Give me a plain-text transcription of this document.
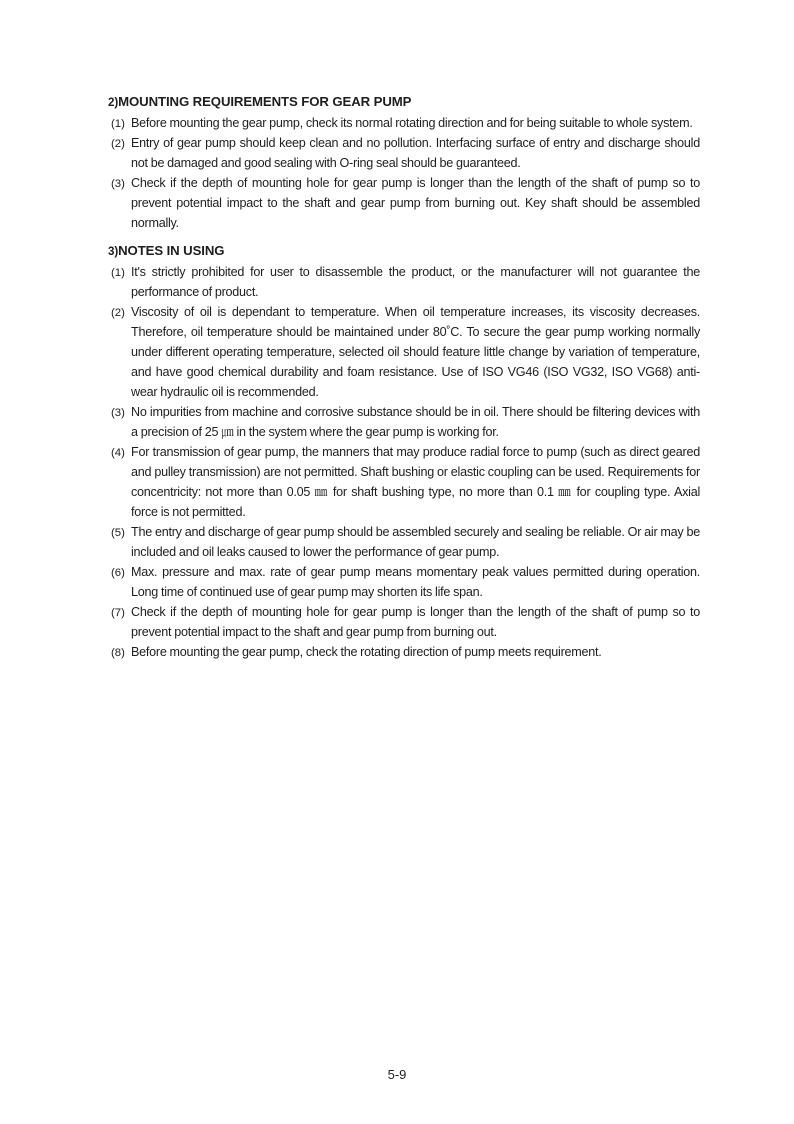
2)MOUNTING REQUIREMENTS FOR GEAR PUMP
(1) Before mounting the gear pump, check its normal rotating direction and for being suitable to whole system.
(2) Entry of gear pump should keep clean and no pollution. Interfacing surface of entry and discharge should not be damaged and good sealing with O-ring seal should be guaranteed.
(3) Check if the depth of mounting hole for gear pump is longer than the length of the shaft of pump so to prevent potential impact to the shaft and gear pump from burning out. Key shaft should be assembled normally.
3)NOTES IN USING
(1) It's strictly prohibited for user to disassemble the product, or the manufacturer will not guarantee the performance of product.
(2) Viscosity of oil is dependant to temperature. When oil temperature increases, its viscosity decreases. Therefore, oil temperature should be maintained under 80˚C. To secure the gear pump working normally under different operating temperature, selected oil should feature little change by variation of temperature, and have good chemical durability and foam resistance. Use of ISO VG46 (ISO VG32, ISO VG68) anti-wear hydraulic oil is recommended.
(3) No impurities from machine and corrosive substance should be in oil. There should be filtering devices with a precision of 25 ㎛ in the system where the gear pump is working for.
(4) For transmission of gear pump, the manners that may produce radial force to pump (such as direct geared and pulley transmission) are not permitted. Shaft bushing or elastic coupling can be used. Requirements for concentricity: not more than 0.05 ㎜ for shaft bushing type, no more than 0.1 ㎜ for coupling type. Axial force is not permitted.
(5) The entry and discharge of gear pump should be assembled securely and sealing be reliable. Or air may be included and oil leaks caused to lower the performance of gear pump.
(6) Max. pressure and max. rate of gear pump means momentary peak values permitted during operation. Long time of continued use of gear pump may shorten its life span.
(7) Check if the depth of mounting hole for gear pump is longer than the length of the shaft of pump so to prevent potential impact to the shaft and gear pump from burning out.
(8) Before mounting the gear pump, check the rotating direction of pump meets requirement.
5-9
